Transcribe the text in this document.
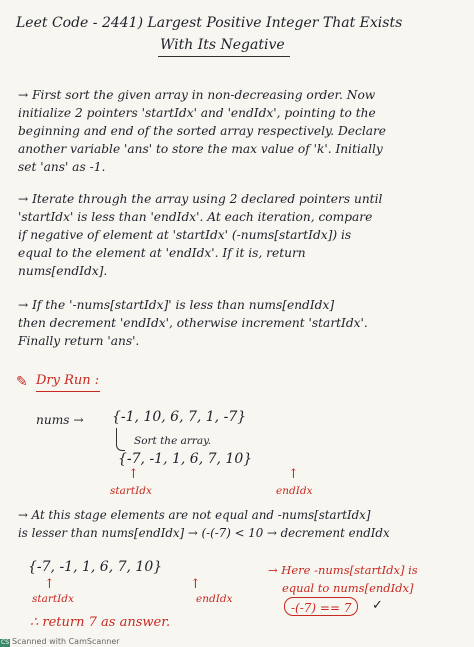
Leet Code - 2441) Largest Positive Integer That Exists
With Its Negative
→ First sort the given array in non-decreasing order. Now
initialize 2 pointers 'startIdx' and 'endIdx', pointing to the
beginning and end of the sorted array respectively. Declare
another variable 'ans' to store the max value of 'k'. Initially
set 'ans' as -1.
→ Iterate through the array using 2 declared pointers until
'startIdx' is less than 'endIdx'. At each iteration, compare
if negative of element at 'startIdx' (-nums[startIdx]) is
equal to the element at 'endIdx'. If it is, return
nums[endIdx].
→ If the '-nums[startIdx]' is less than nums[endIdx]
then decrement 'endIdx', otherwise increment 'startIdx'.
Finally return 'ans'.
✎ Dry Run :
nums → {-1, 10, 6, 7, 1, -7}
Sort the array.
{-7, -1, 1, 6, 7, 10}
↑	↑
startIdx	endIdx
→ At this stage elements are not equal and -nums[startIdx]
is lesser than nums[endIdx] → (-(-7) < 10 → decrement endIdx
{-7, -1, 1, 6, 7, 10}
↑	↑
startIdx	endIdx
→ Here -nums[startIdx] is
equal to nums[endIdx]
-(-7) == 7	✓
∴ return 7 as answer.
CS Scanned with CamScanner
